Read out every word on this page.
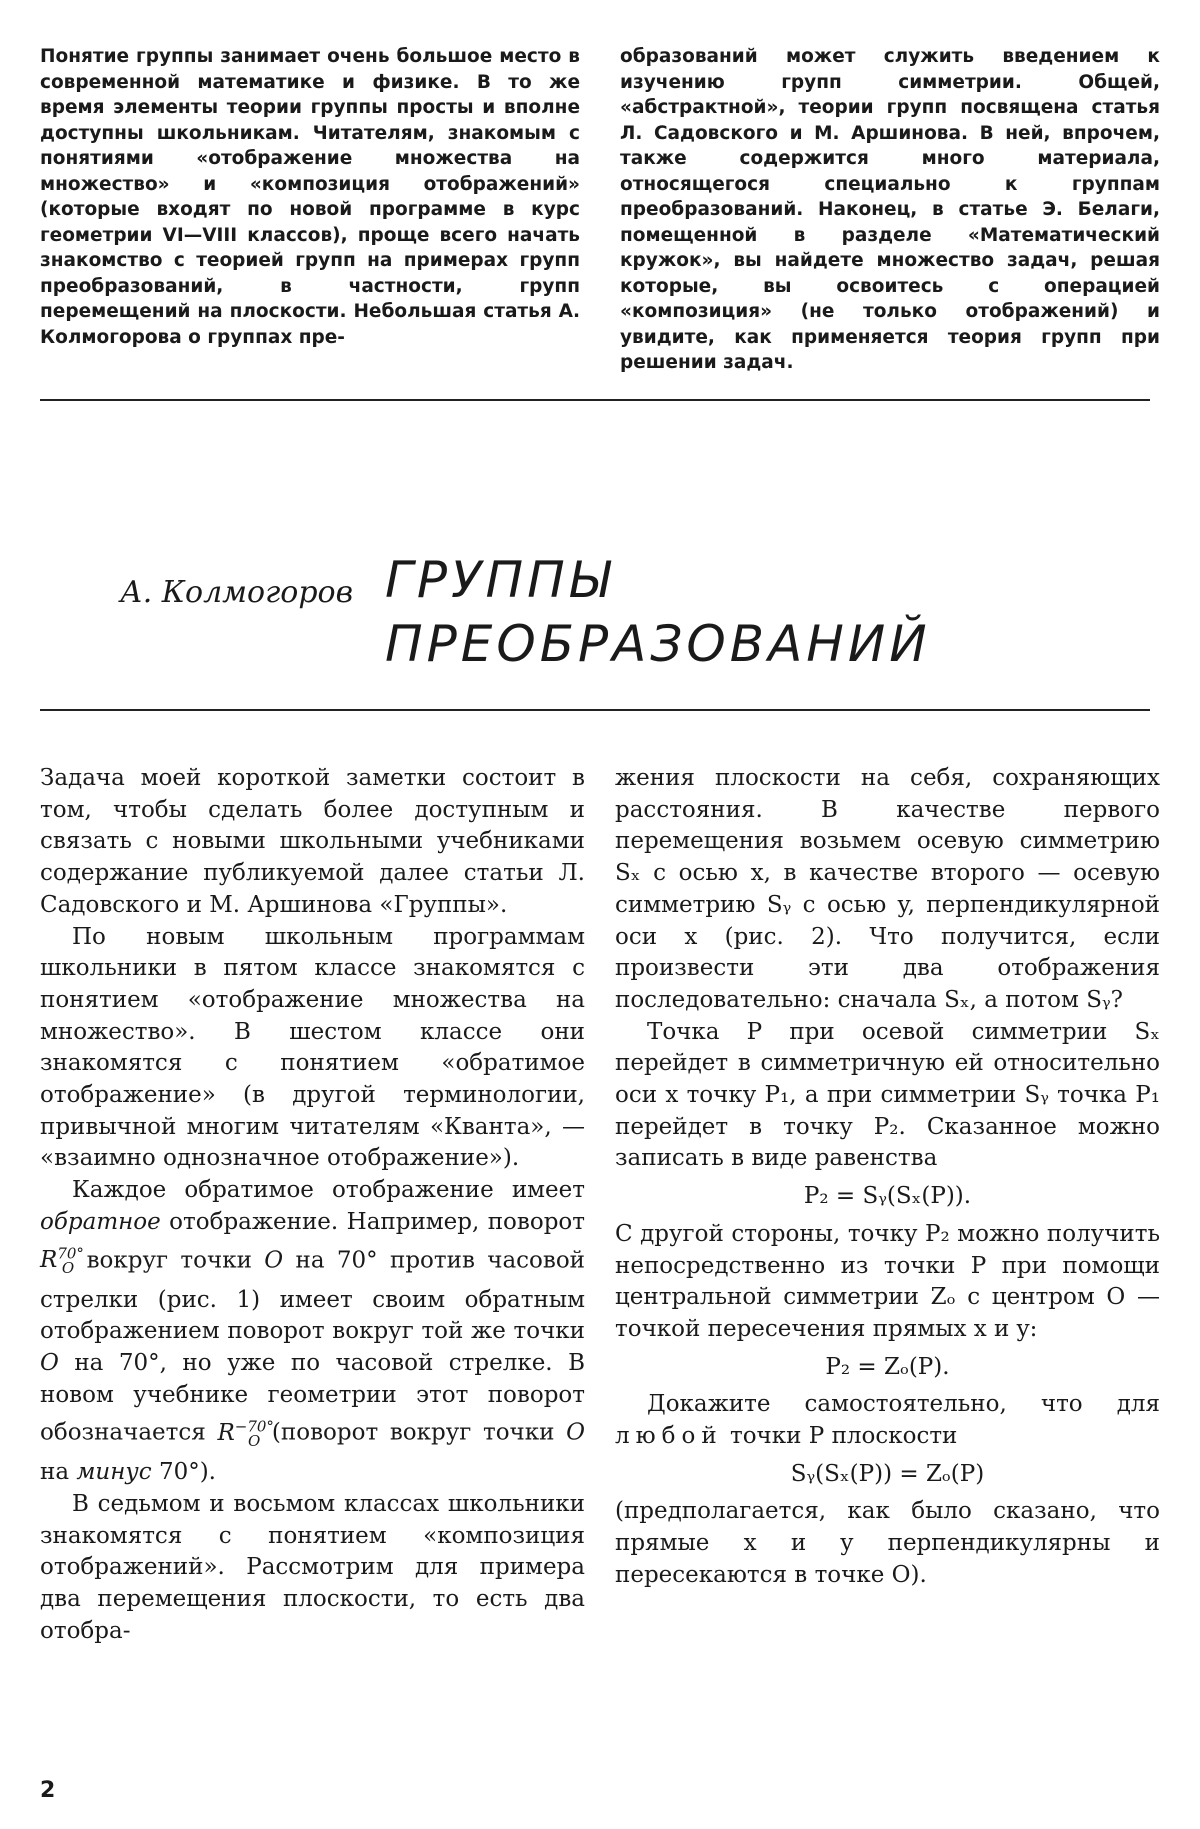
Понятие группы занимает очень большое место в современной математике и физике. В то же время элементы теории группы просты и вполне доступны школьникам. Читателям, знакомым с понятиями «отображение множества на множество» и «композиция отображений» (которые входят по новой программе в курс геометрии VI—VIII классов), проще всего начать знакомство с теорией групп на примерах групп преобразований, в частности, групп перемещений на плоскости. Небольшая статья А. Колмогорова о группах пре-

образований может служить введением к изучению групп симметрии. Общей, «абстрактной», теории групп посвящена статья Л. Садовского и М. Аршинова. В ней, впрочем, также содержится много материала, относящегося специально к группам преобразований. Наконец, в статье Э. Белаги, помещенной в разделе «Математический кружок», вы найдете множество задач, решая которые, вы освоитесь с операцией «композиция» (не только отображений) и увидите, как применяется теория групп при решении задач.

А. Колмогоров ГРУППЫ
ПРЕОБРАЗОВАНИЙ

Задача моей короткой заметки состоит в том, чтобы сделать более доступным и связать с новыми школьными учебниками содержание публикуемой далее статьи Л. Садовского и М. Аршинова «Группы».

По новым школьным программам школьники в пятом классе знакомятся с понятием «отображение множества на множество». В шестом классе они знакомятся с понятием «обратимое отображение» (в другой терминологии, привычной многим читателям «Кванта», — «взаимно однозначное отображение»).

Каждое обратимое отображение имеет обратное отображение. Например, поворот $R^{70^\circ}_O$ вокруг точки O на 70° против часовой стрелки (рис. 1) имеет своим обратным отображением поворот вокруг той же точки O на 70°, но уже по часовой стрелке. В новом учебнике геометрии этот поворот обозначается $R^{-70^\circ}_O$ (поворот вокруг точки O на минус 70°).

В седьмом и восьмом классах школьники знакомятся с понятием «композиция отображений». Рассмотрим для примера два перемещения плоскости, то есть два отобра-

жения плоскости на себя, сохраняющих расстояния. В качестве первого перемещения возьмем осевую симметрию Sₓ с осью x, в качестве второго — осевую симметрию Sᵧ с осью y, перпендикулярной оси x (рис. 2). Что получится, если произвести эти два отображения последовательно: сначала Sₓ, а потом Sᵧ?

Точка P при осевой симметрии Sₓ перейдет в симметричную ей относительно оси x точку P₁, а при симметрии Sᵧ точка P₁ перейдет в точку P₂. Сказанное можно записать в виде равенства

P₂ = Sᵧ(Sₓ(P)).

С другой стороны, точку P₂ можно получить непосредственно из точки P при помощи центральной симметрии Zₒ с центром O — точкой пересечения прямых x и y:

P₂ = Zₒ(P).

Докажите самостоятельно, что для любой точки P плоскости

Sᵧ(Sₓ(P)) = Zₒ(P)

(предполагается, как было сказано, что прямые x и y перпендикулярны и пересекаются в точке O).

2
